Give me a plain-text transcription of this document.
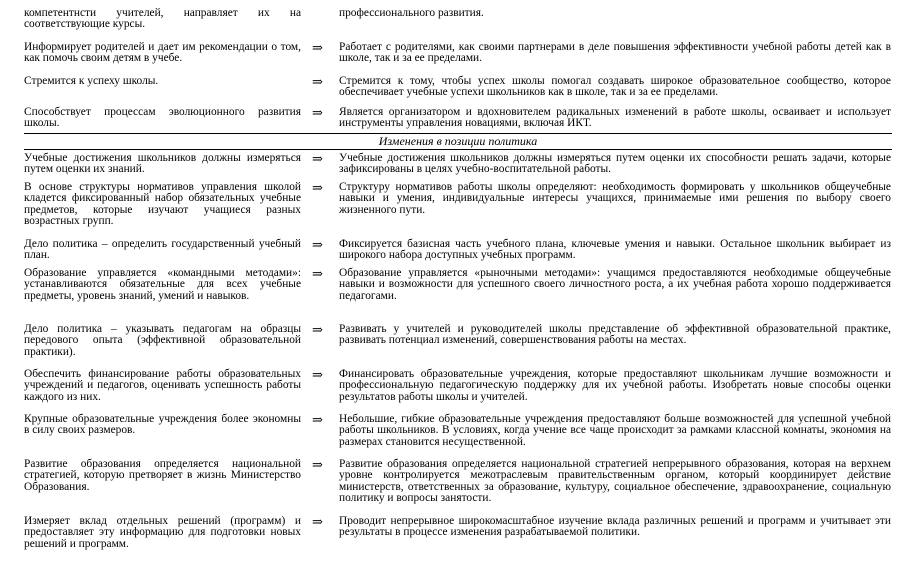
компетентнсти учителей, направляет их на соответствующие курсы.
профессионального развития.
Информирует родителей и дает им рекомендации о том, как помочь своим детям в учебе.
⇒ Работает с родителями, как своими партнерами в деле повышения эффективности учебной работы детей как в школе, так и за ее пределами.
Стремится к успеху школы.	⇒ Стремится к тому, чтобы успех школы помогал создавать широкое образовательное сообщество, которое обеспечивает учебные успехи школьников как в школе, так и за ее пределами.
Способствует процессам эволюционного развития школы.
⇒ Является организатором и вдохновителем радикальных изменений в работе школы, осваивает и использует инструменты управления новациями, включая ИКТ.
Изменения в позиции политика
Учебные достижения школьников должны измеряться путем оценки их знаний.
⇒ Учебные достижения школьников должны измеряться путем оценки их способности решать задачи, которые зафиксированы в целях учебно-воспитательной работы.
В основе структуры нормативов управления школой кладется фиксированный набор обязательных учебные предметов, которые изучают учащиеся разных возрастных групп.
⇒ Структуру нормативов работы школы определяют: необходимость формировать у школьников общеучебные навыки и умения, индивидуальные интересы учащихся, принимаемые ими решения по выбору своего жизненного пути.
Дело политика – определить государственный учебный план.
⇒ Фиксируется базисная часть учебного плана, ключевые умения и навыки. Остальное школьник выбирает из широкого набора доступных учебных программ.
Образование управляется «командными методами»: устанавливаются обязательные для всех учебные предметы, уровень знаний, умений и навыков.
⇒ Образование управляется «рыночными методами»: учащимся предоставляются необходимые общеучебные навыки и возможности для успешного своего личностного роста, а их учебная работа хорошо поддерживается педагогами.
Дело политика – указывать педагогам на образцы передового опыта (эффективной образовательной практики).
⇒ Развивать у учителей и руководителей школы представление об эффективной образовательной практике, развивать потенциал изменений, совершенствования работы на местах.
Обеспечить финансирование работы образовательных учреждений и педагогов, оценивать успешность работы каждого из них.
⇒ Финансировать образовательные учреждения, которые предоставляют школьникам лучшие возможности и профессиональную педагогическую поддержку для их учебной работы. Изобретать новые способы оценки результатов работы школы и учителей.
Крупные образовательные учреждения более экономны в силу своих размеров.
⇒ Небольшие, гибкие образовательные учреждения предоставляют больше возможностей для успешной учебной работы школьников. В условиях, когда учение все чаще происходит за рамками классной комнаты, экономия на размерах становится несущественной.
Развитие образования определяется национальной стратегией, которую претворяет в жизнь Министерство Образования.
⇒ Развитие образования определяется национальной стратегией непрерывного образования, которая на верхнем уровне контролируется межотраслевым правительственным органом, который координирует действие министерств, ответственных за образование, культуру, социальное обеспечение, здравоохранение, социальную политику и вопросы занятости.
Измеряет вклад отдельных решений (программ) и предоставляет эту информацию для подготовки новых решений и программ.
⇒ Проводит непрерывное широкомасштабное изучение вклада различных решений и программ и учитывает эти результаты в процессе изменения разрабатываемой политики.
